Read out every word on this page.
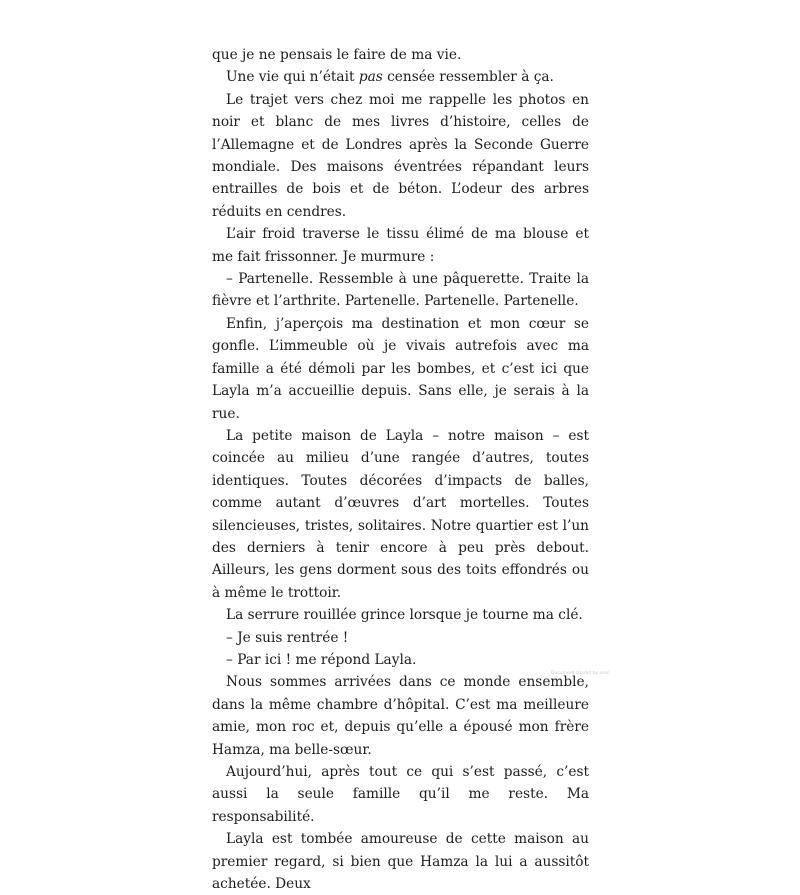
que je ne pensais le faire de ma vie.

Une vie qui n’était pas censée ressembler à ça.

Le trajet vers chez moi me rappelle les photos en noir et blanc de mes livres d’histoire, celles de l’Allemagne et de Londres après la Seconde Guerre mondiale. Des maisons éventrées répandant leurs entrailles de bois et de béton. L’odeur des arbres réduits en cendres.

L’air froid traverse le tissu élimé de ma blouse et me fait frissonner. Je murmure :

– Partenelle. Ressemble à une pâquerette. Traite la fièvre et l’arthrite. Partenelle. Partenelle. Partenelle.

Enfin, j’aperçois ma destination et mon cœur se gonfle. L’immeuble où je vivais autrefois avec ma famille a été démoli par les bombes, et c’est ici que Layla m’a accueillie depuis. Sans elle, je serais à la rue.

La petite maison de Layla – notre maison – est coincée au milieu d’une rangée d’autres, toutes identiques. Toutes décorées d’impacts de balles, comme autant d’œuvres d’art mortelles. Toutes silencieuses, tristes, solitaires. Notre quartier est l’un des derniers à tenir encore à peu près debout. Ailleurs, les gens dorment sous des toits effondrés ou à même le trottoir.

La serrure rouillée grince lorsque je tourne ma clé.

– Je suis rentrée !

– Par ici ! me répond Layla.

Nous sommes arrivées dans ce monde ensemble, dans la même chambre d’hôpital. C’est ma meilleure amie, mon roc et, depuis qu’elle a épousé mon frère Hamza, ma belle-sœur.

Aujourd’hui, après tout ce qui s’est passé, c’est aussi la seule famille qu’il me reste. Ma responsabilité.

Layla est tombée amoureuse de cette maison au premier regard, si bien que Hamza la lui a aussitôt achetée. Deux

Document shared by user
